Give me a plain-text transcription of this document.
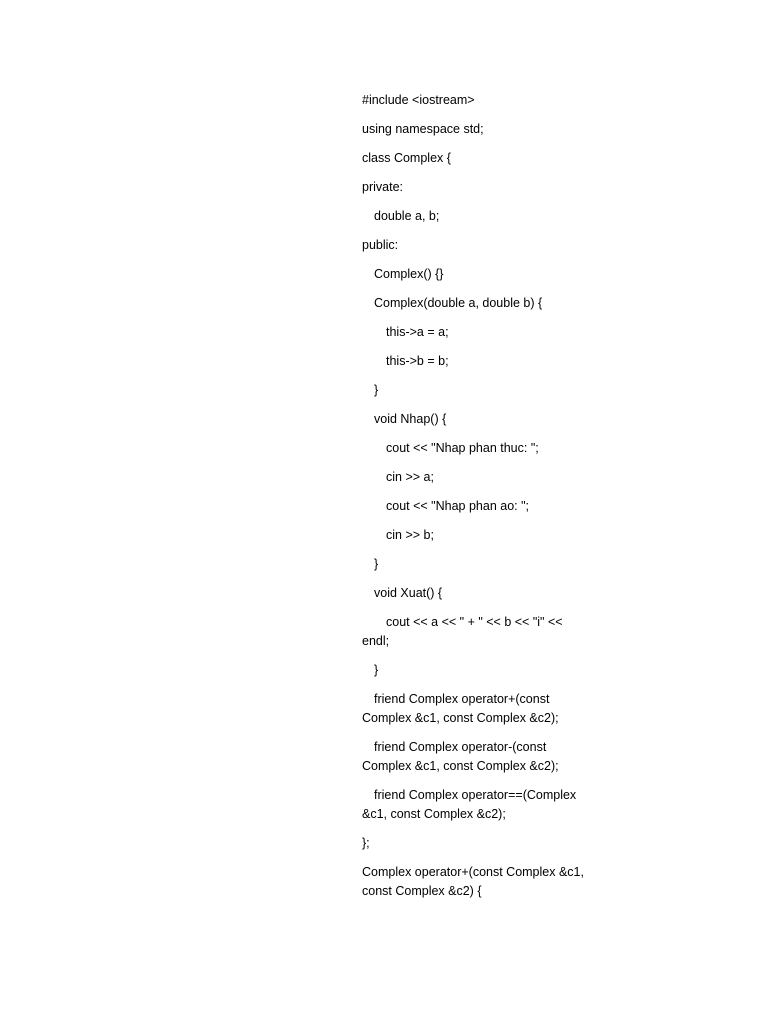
#include <iostream>

using namespace std;

class Complex {

private:

double a, b;

public:

Complex() {}

Complex(double a, double b) {

this->a = a;

this->b = b;

}

void Nhap() {

cout << "Nhap phan thuc: ";

cin >> a;

cout << "Nhap phan ao: ";

cin >> b;

}

void Xuat() {

cout << a << " + " << b << "i" << endl;

}

friend Complex operator+(const Complex &c1, const Complex &c2);

friend Complex operator-(const Complex &c1, const Complex &c2);

friend Complex operator==(Complex &c1, const Complex &c2);

};

Complex operator+(const Complex &c1, const Complex &c2) {
